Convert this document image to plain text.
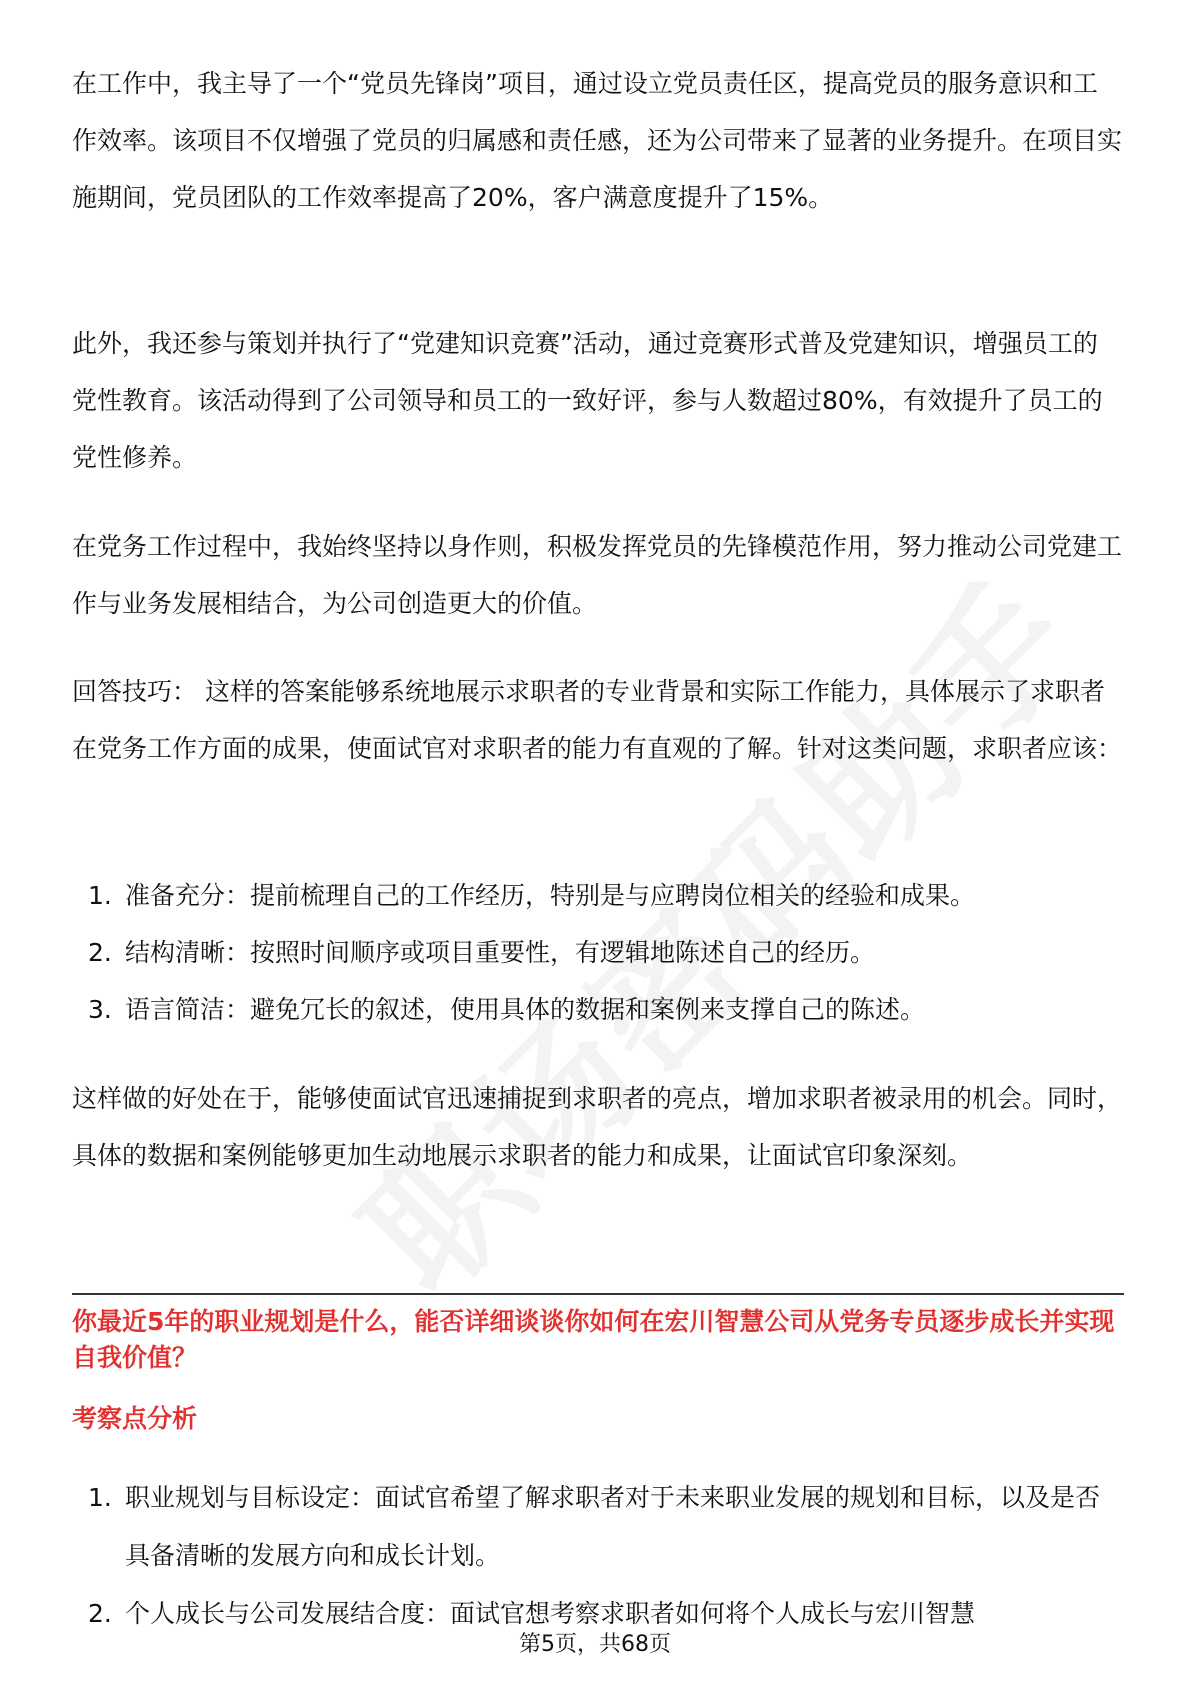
在工作中，我主导了一个“党员先锋岗”项目，通过设立党员责任区，提高党员的服务意识和工作效率。该项目不仅增强了党员的归属感和责任感，还为公司带来了显著的业务提升。在项目实施期间，党员团队的工作效率提高了20%，客户满意度提升了15%。

此外，我还参与策划并执行了“党建知识竞赛”活动，通过竞赛形式普及党建知识，增强员工的党性教育。该活动得到了公司领导和员工的一致好评，参与人数超过80%，有效提升了员工的党性修养。

在党务工作过程中，我始终坚持以身作则，积极发挥党员的先锋模范作用，努力推动公司党建工作与业务发展相结合，为公司创造更大的价值。

回答技巧： 这样的答案能够系统地展示求职者的专业背景和实际工作能力，具体展示了求职者在党务工作方面的成果，使面试官对求职者的能力有直观的了解。针对这类问题，求职者应该：

1. 准备充分：提前梳理自己的工作经历，特别是与应聘岗位相关的经验和成果。
2. 结构清晰：按照时间顺序或项目重要性，有逻辑地陈述自己的经历。
3. 语言简洁：避免冗长的叙述，使用具体的数据和案例来支撑自己的陈述。

这样做的好处在于，能够使面试官迅速捕捉到求职者的亮点，增加求职者被录用的机会。同时，具体的数据和案例能够更加生动地展示求职者的能力和成果，让面试官印象深刻。

你最近5年的职业规划是什么，能否详细谈谈你如何在宏川智慧公司从党务专员逐步成长并实现自我价值？
考察点分析
1. 职业规划与目标设定：面试官希望了解求职者对于未来职业发展的规划和目标，以及是否具备清晰的发展方向和成长计划。
2. 个人成长与公司发展结合度：面试官想考察求职者如何将个人成长与宏川智慧
第5页，共68页
